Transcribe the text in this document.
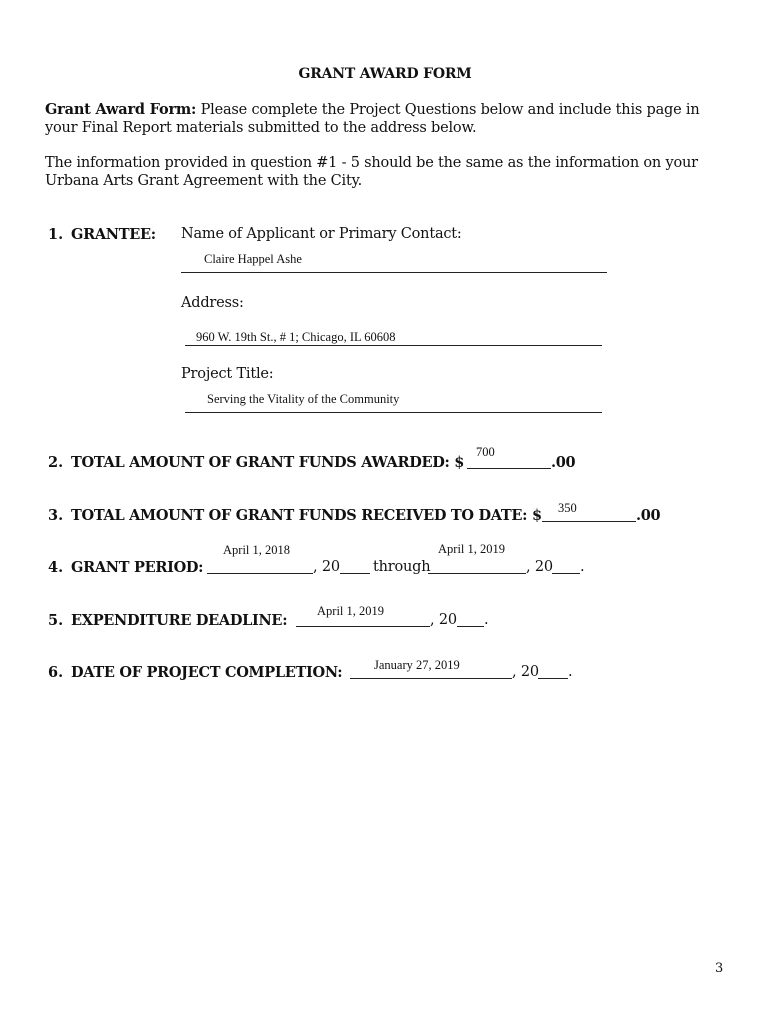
GRANT AWARD FORM
Grant Award Form: Please complete the Project Questions below and include this page in your Final Report materials submitted to the address below.
The information provided in question #1 - 5 should be the same as the information on your Urbana Arts Grant Agreement with the City.
1. GRANTEE: Name of Applicant or Primary Contact:
Claire Happel Ashe
Address:
960 W. 19th St., # 1; Chicago, IL 60608
Project Title:
Serving the Vitality of the Community
2. TOTAL AMOUNT OF GRANT FUNDS AWARDED: $
700
.00
3. TOTAL AMOUNT OF GRANT FUNDS RECEIVED TO DATE: $ 350	.00
4. GRANT PERIOD:
April 1, 2018
, 20 through
April 1, 2019
, 20 .
5. EXPENDITURE DEADLINE:
April 1, 2019
, 20 .
6. DATE OF PROJECT COMPLETION:	January 27, 2019	, 20 .
3
